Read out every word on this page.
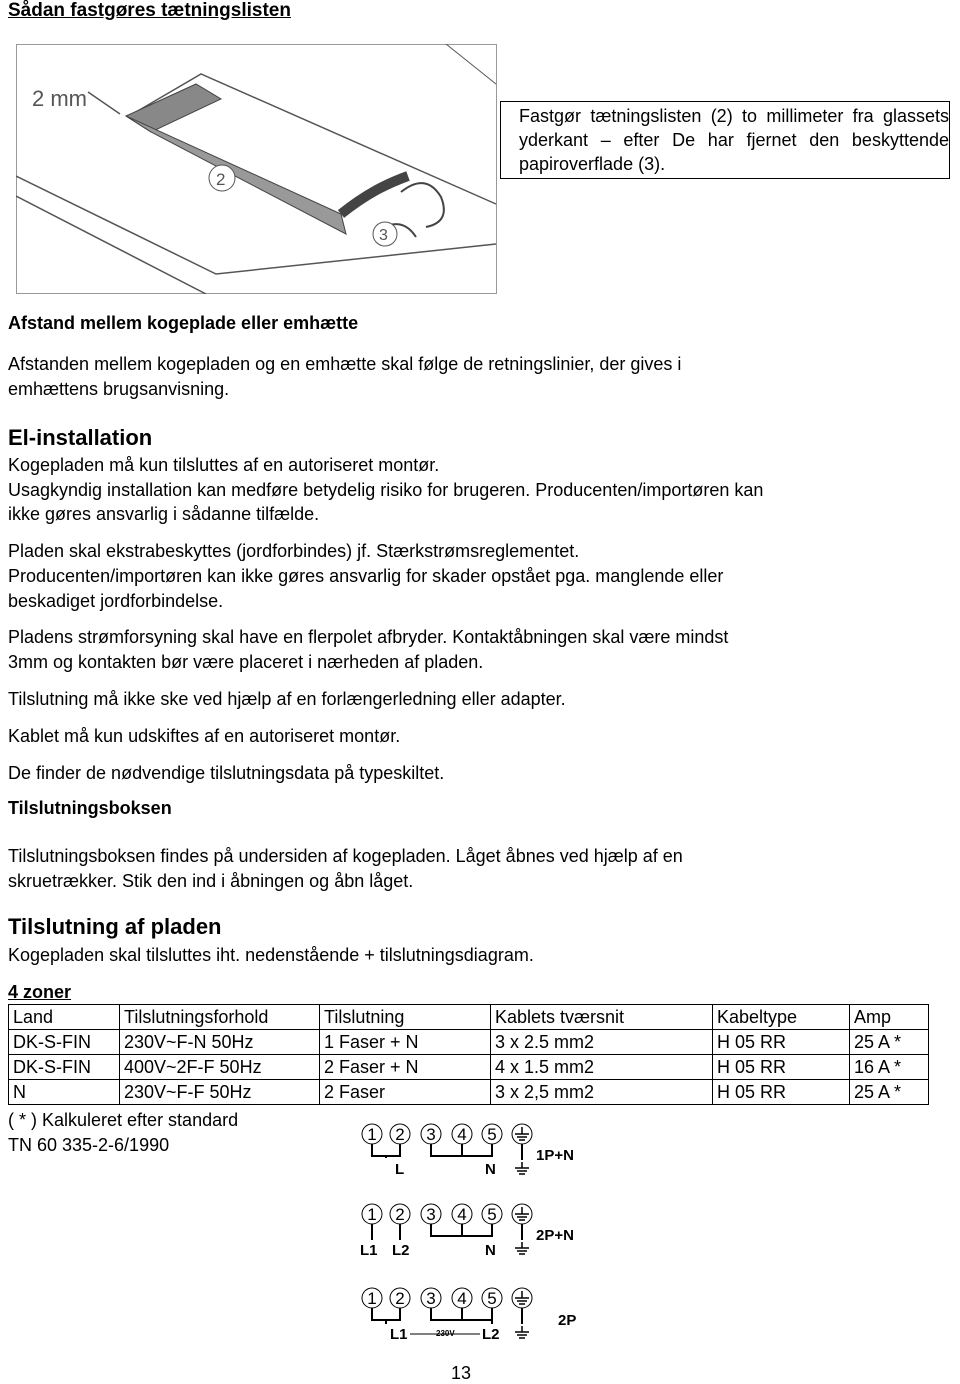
Sådan fastgøres tætningslisten
2 mm
2
3
Fastgør tætningslisten (2) to millimeter fra glassets yderkant – efter De har fjernet den beskyttende papiroverflade (3).
Afstand mellem kogeplade eller emhætte
Afstanden mellem kogepladen og en emhætte skal følge de retningslinier, der gives i
emhættens brugsanvisning.
El-installation
Kogepladen må kun tilsluttes af en autoriseret montør.
Usagkyndig installation kan medføre betydelig risiko for brugeren. Producenten/importøren kan
ikke gøres ansvarlig i sådanne tilfælde.
Pladen skal ekstrabeskyttes (jordforbindes) jf. Stærkstrømsreglementet.
Producenten/importøren kan ikke gøres ansvarlig for skader opstået pga. manglende eller
beskadiget jordforbindelse.
Pladens strømforsyning skal have en flerpolet afbryder. Kontaktåbningen skal være mindst
3mm og kontakten bør være placeret i nærheden af pladen.
Tilslutning må ikke ske ved hjælp af en forlængerledning eller adapter.
Kablet må kun udskiftes af en autoriseret montør.
De finder de nødvendige tilslutningsdata på typeskiltet.
Tilslutningsboksen
Tilslutningsboksen findes på undersiden af kogepladen. Låget åbnes ved hjælp af en
skruetrækker. Stik den ind i åbningen og åbn låget.
Tilslutning af pladen
Kogepladen skal tilsluttes iht. nedenstående + tilslutningsdiagram.
4 zoner
Land	Tilslutningsforhold	Tilslutning	Kablets tværsnit	Kabeltype	Amp
DK-S-FIN	230V~F-N 50Hz	1 Faser + N	3 x 2.5 mm2	H 05 RR	25 A *
DK-S-FIN	400V~2F-F 50Hz	2 Faser + N	4 x 1.5 mm2	H 05 RR	16 A *
N	230V~F-F 50Hz	2 Faser	3 x 2,5 mm2	H 05 RR	25 A *
( * ) Kalkuleret efter standard
TN 60 335-2-6/1990
1 2 3 4 5
L	N
1P+N
1 2 3 4 5
L1 L2	N
2P+N
1 2 3 4 5
L1	230V L2
2P
13
